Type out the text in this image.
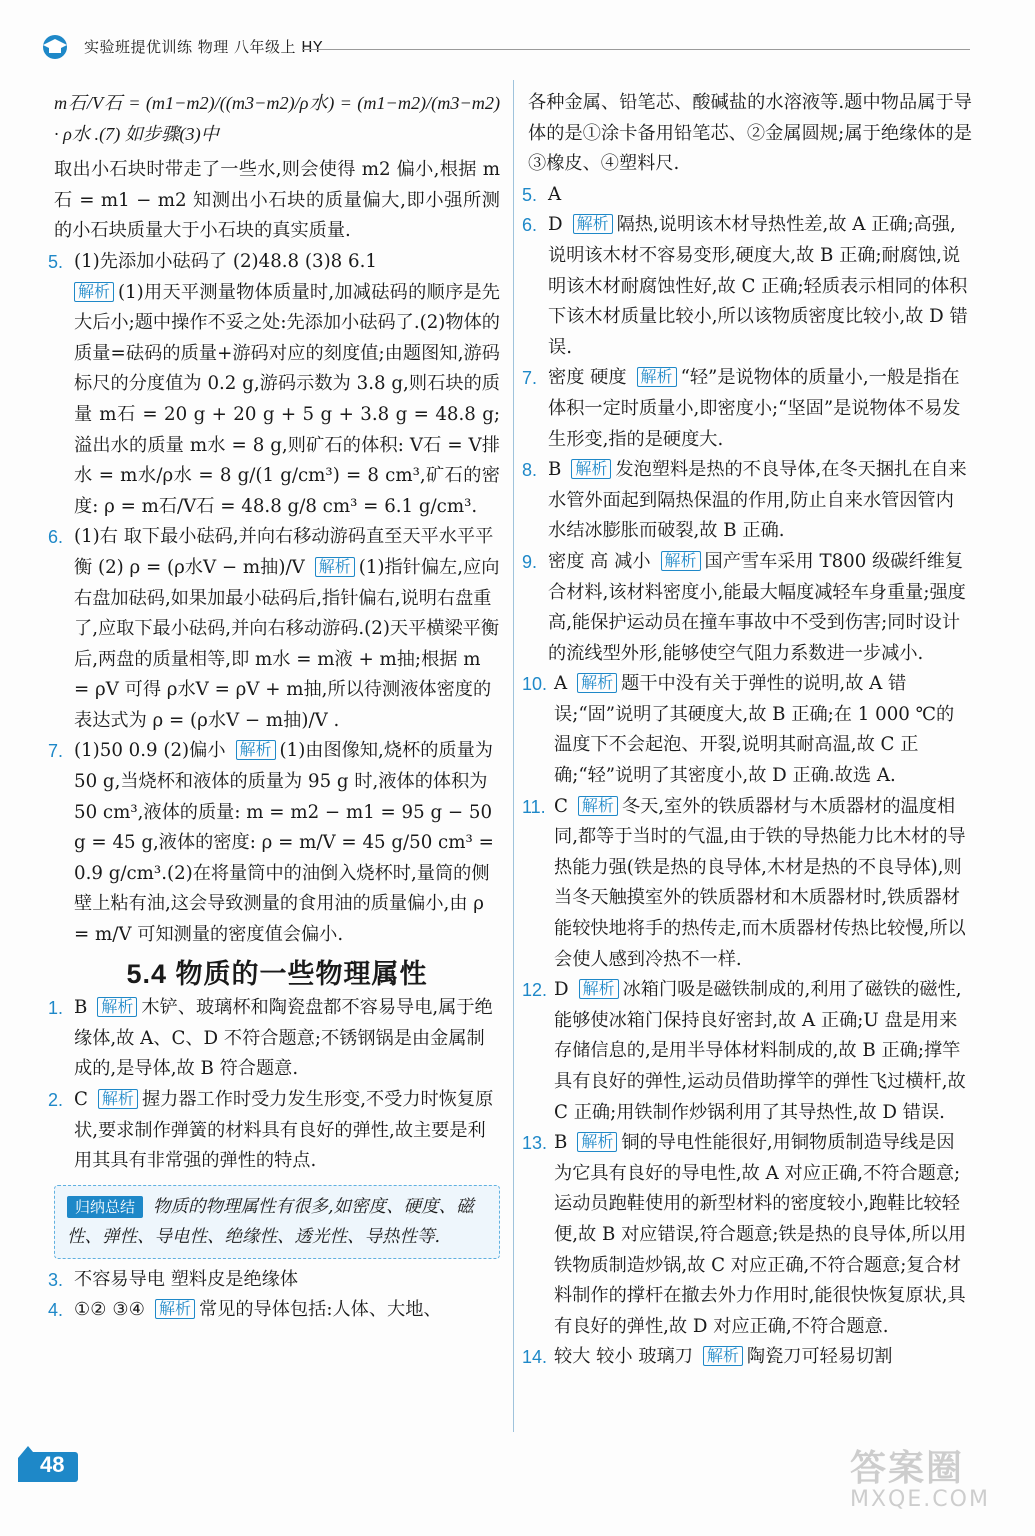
实验班提优训练 物理 八年级上 HY

m石/V石 = (m1−m2)/((m3−m2)/ρ水) = (m1−m2)/(m3−m2) · ρ水 .(7) 如步骤(3)中

取出小石块时带走了一些水,则会使得 m2 偏小,根据 m石 = m1 − m2 知测出小石块的质量偏大,即小强所测的小石块质量大于小石块的真实质量.

5. (1)先添加小砝码了 (2)48.8 (3)8 6.1

解析 (1)用天平测量物体质量时,加减砝码的顺序是先大后小;题中操作不妥之处:先添加小砝码了.(2)物体的质量=砝码的质量+游码对应的刻度值;由题图知,游码标尺的分度值为 0.2 g,游码示数为 3.8 g,则石块的质量 m石 = 20 g + 20 g + 5 g + 3.8 g = 48.8 g;溢出水的质量 m水 = 8 g,则矿石的体积: V石 = V排水 = m水/ρ水 = 8 g/(1 g/cm³) = 8 cm³,矿石的密度: ρ = m石/V石 = 48.8 g/8 cm³ = 6.1 g/cm³.

6. (1)右 取下最小砝码,并向右移动游码直至天平水平平衡 (2) ρ = (ρ水V − m抽)/V 解析 (1)指针偏左,应向右盘加砝码,如果加最小砝码后,指针偏右,说明右盘重了,应取下最小砝码,并向右移动游码.(2)天平横梁平衡后,两盘的质量相等,即 m水 = m液 + m抽;根据 m = ρV 可得 ρ水V = ρV + m抽,所以待测液体密度的表达式为 ρ = (ρ水V − m抽)/V .
7. (1)50 0.9 (2)偏小 解析 (1)由图像知,烧杯的质量为 50 g,当烧杯和液体的质量为 95 g 时,液体的体积为 50 cm³,液体的质量: m = m2 − m1 = 95 g − 50 g = 45 g,液体的密度: ρ = m/V = 45 g/50 cm³ = 0.9 g/cm³.(2)在将量筒中的油倒入烧杯时,量筒的侧壁上粘有油,这会导致测量的食用油的质量偏小,由 ρ = m/V 可知测量的密度值会偏小.
5.4 物质的一些物理属性
1. B 解析 木铲、玻璃杯和陶瓷盘都不容易导电,属于绝缘体,故 A、C、D 不符合题意;不锈钢锅是由金属制成的,是导体,故 B 符合题意.
2. C 解析 握力器工作时受力发生形变,不受力时恢复原状,要求制作弹簧的材料具有良好的弹性,故主要是利用其具有非常强的弹性的特点.
归纳总结 物质的物理属性有很多,如密度、硬度、磁性、弹性、导电性、绝缘性、透光性、导热性等.
3. 不容易导电 塑料皮是绝缘体
4. ①② ③④ 解析 常见的导体包括:人体、大地、

各种金属、铅笔芯、酸碱盐的水溶液等.题中物品属于导体的是①涂卡备用铅笔芯、②金属圆规;属于绝缘体的是③橡皮、④塑料尺.

5. A
6. D 解析 隔热,说明该木材导热性差,故 A 正确;高强,说明该木材不容易变形,硬度大,故 B 正确;耐腐蚀,说明该木材耐腐蚀性好,故 C 正确;轻质表示相同的体积下该木材质量比较小,所以该物质密度比较小,故 D 错误.
7. 密度 硬度 解析 “轻”是说物体的质量小,一般是指在体积一定时质量小,即密度小;“坚固”是说物体不易发生形变,指的是硬度大.
8. B 解析 发泡塑料是热的不良导体,在冬天捆扎在自来水管外面起到隔热保温的作用,防止自来水管因管内水结冰膨胀而破裂,故 B 正确.
9. 密度 高 减小 解析 国产雪车采用 T800 级碳纤维复合材料,该材料密度小,能最大幅度减轻车身重量;强度高,能保护运动员在撞车事故中不受到伤害;同时设计的流线型外形,能够使空气阻力系数进一步减小.
10. A 解析 题干中没有关于弹性的说明,故 A 错误;“固”说明了其硬度大,故 B 正确;在 1 000 ℃的温度下不会起泡、开裂,说明其耐高温,故 C 正确;“轻”说明了其密度小,故 D 正确.故选 A.
11. C 解析 冬天,室外的铁质器材与木质器材的温度相同,都等于当时的气温,由于铁的导热能力比木材的导热能力强(铁是热的良导体,木材是热的不良导体),则当冬天触摸室外的铁质器材和木质器材时,铁质器材能较快地将手的热传走,而木质器材传热比较慢,所以会使人感到冷热不一样.
12. D 解析 冰箱门吸是磁铁制成的,利用了磁铁的磁性,能够使冰箱门保持良好密封,故 A 正确;U 盘是用来存储信息的,是用半导体材料制成的,故 B 正确;撑竿具有良好的弹性,运动员借助撑竿的弹性飞过横杆,故 C 正确;用铁制作炒锅利用了其导热性,故 D 错误.
13. B 解析 铜的导电性能很好,用铜物质制造导线是因为它具有良好的导电性,故 A 对应正确,不符合题意;运动员跑鞋使用的新型材料的密度较小,跑鞋比较轻便,故 B 对应错误,符合题意;铁是热的良导体,所以用铁物质制造炒锅,故 C 对应正确,不符合题意;复合材料制作的撑杆在撤去外力作用时,能很快恢复原状,具有良好的弹性,故 D 对应正确,不符合题意.
14. 较大 较小 玻璃刀 解析 陶瓷刀可轻易切割
48	答案圈
MXQE.COM
